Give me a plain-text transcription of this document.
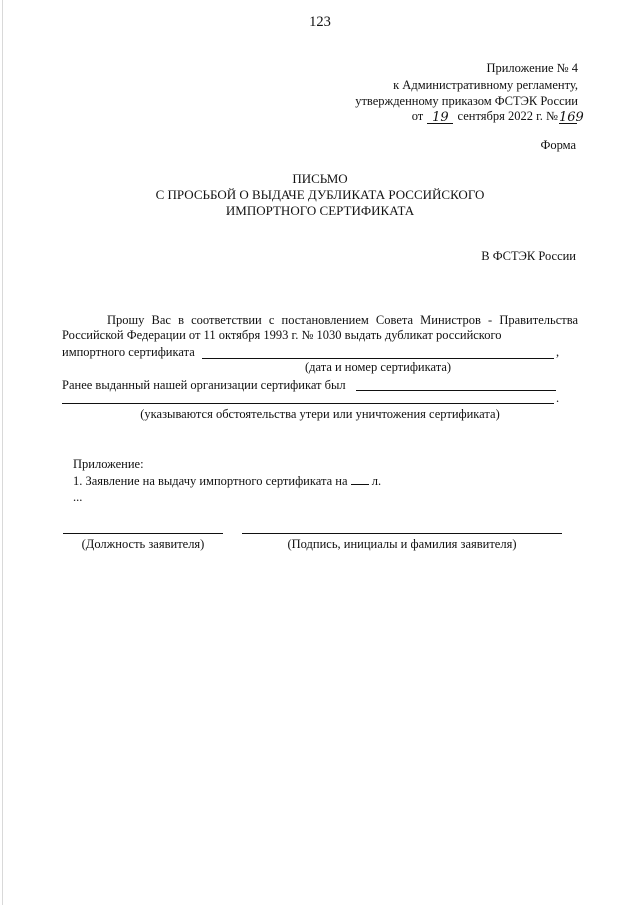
123
Приложение № 4
к Административному регламенту,
утвержденному приказом ФСТЭК России
от 19 сентября 2022 г. №169
Форма
ПИСЬМО
С ПРОСЬБОЙ О ВЫДАЧЕ ДУБЛИКАТА РОССИЙСКОГО
ИМПОРТНОГО СЕРТИФИКАТА
В ФСТЭК России
Прошу Вас в соответствии с постановлением Совета Министров - Правительства Российской Федерации от 11 октября 1993 г. № 1030 выдать дубликат российского
импортного сертификата	,
(дата и номер сертификата)
Ранее выданный нашей организации сертификат был
.
(указываются обстоятельства утери или уничтожения сертификата)
Приложение:
1. Заявление на выдачу импортного сертификата на л.
...
(Должность заявителя)	(Подпись, инициалы и фамилия заявителя)
